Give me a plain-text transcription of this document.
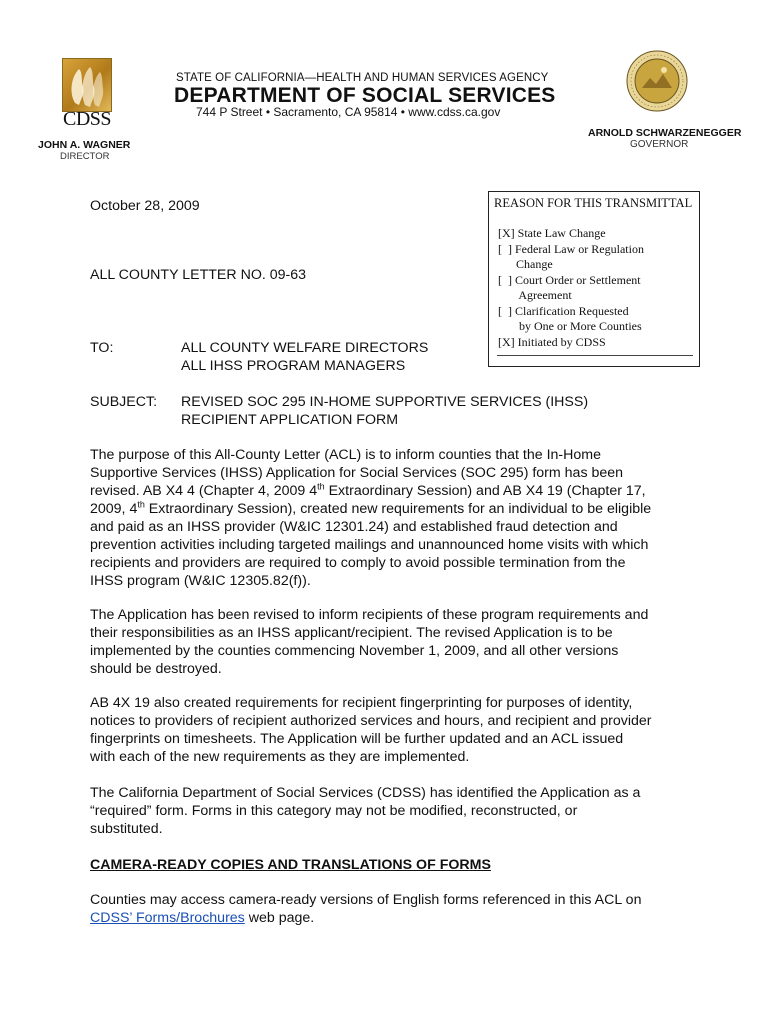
CDSS
JOHN A. WAGNER
DIRECTOR
STATE OF CALIFORNIA—HEALTH AND HUMAN SERVICES AGENCY
DEPARTMENT OF SOCIAL SERVICES
744 P Street • Sacramento, CA 95814 • www.cdss.ca.gov
ARNOLD SCHWARZENEGGER
GOVERNOR
REASON FOR THIS TRANSMITTAL
[X] State Law Change
[  ] Federal Law or Regulation
Change
[  ] Court Order or Settlement
Agreement
[  ] Clarification Requested
by One or More Counties
[X] Initiated by CDSS
October 28, 2009
ALL COUNTY LETTER NO. 09-63
TO:	ALL COUNTY WELFARE DIRECTORS
ALL IHSS PROGRAM MANAGERS
SUBJECT: REVISED SOC 295 IN-HOME SUPPORTIVE SERVICES (IHSS)
RECIPIENT APPLICATION FORM
The purpose of this All-County Letter (ACL) is to inform counties that the In-Home
Supportive Services (IHSS) Application for Social Services (SOC 295) form has been
revised. AB X4 4 (Chapter 4, 2009 4th Extraordinary Session) and AB X4 19 (Chapter 17,
2009, 4th Extraordinary Session), created new requirements for an individual to be eligible
and paid as an IHSS provider (W&IC 12301.24) and established fraud detection and
prevention activities including targeted mailings and unannounced home visits with which
recipients and providers are required to comply to avoid possible termination from the
IHSS program (W&IC 12305.82(f)).
The Application has been revised to inform recipients of these program requirements and
their responsibilities as an IHSS applicant/recipient. The revised Application is to be
implemented by the counties commencing November 1, 2009, and all other versions
should be destroyed.
AB 4X 19 also created requirements for recipient fingerprinting for purposes of identity,
notices to providers of recipient authorized services and hours, and recipient and provider
fingerprints on timesheets. The Application will be further updated and an ACL issued
with each of the new requirements as they are implemented.
The California Department of Social Services (CDSS) has identified the Application as a
“required” form. Forms in this category may not be modified, reconstructed, or
substituted.
CAMERA-READY COPIES AND TRANSLATIONS OF FORMS
Counties may access camera-ready versions of English forms referenced in this ACL on
CDSS’ Forms/Brochures web page.
